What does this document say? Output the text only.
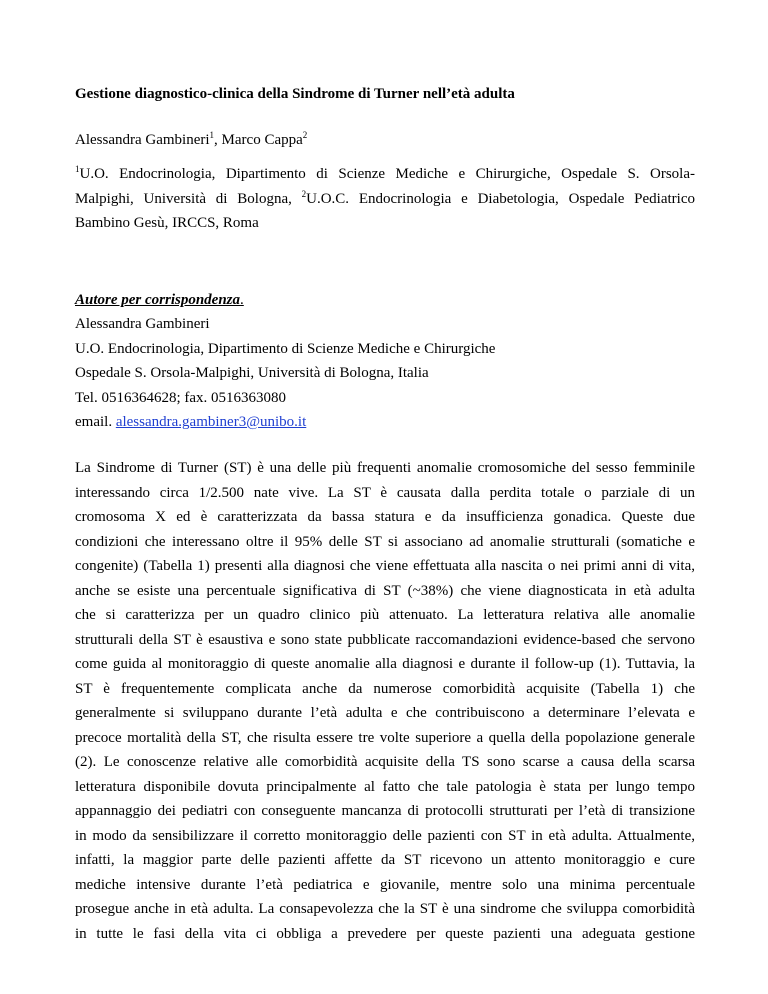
Gestione diagnostico-clinica della Sindrome di Turner nell’età adulta
Alessandra Gambineri$^1$, Marco Cappa$^2$
$^1$U.O. Endocrinologia, Dipartimento di Scienze Mediche e Chirurgiche, Ospedale S. Orsola-
Malpighi, Università di Bologna, $^2$U.O.C. Endocrinologia e Diabetologia, Ospedale Pediatrico
Bambino Gesù, IRCCS, Roma
Autore per corrispondenza.
Alessandra Gambineri
U.O. Endocrinologia, Dipartimento di Scienze Mediche e Chirurgiche
Ospedale S. Orsola-Malpighi, Università di Bologna, Italia
Tel. 0516364628; fax. 0516363080
email. alessandra.gambiner3@unibo.it
La Sindrome di Turner (ST) è una delle più frequenti anomalie cromosomiche del sesso femminile
interessando circa 1/2.500 nate vive. La ST è causata dalla perdita totale o parziale di un
cromosoma X ed è caratterizzata da bassa statura e da insufficienza gonadica. Queste due
condizioni che interessano oltre il 95% delle ST si associano ad anomalie strutturali (somatiche e
congenite) (Tabella 1) presenti alla diagnosi che viene effettuata alla nascita o nei primi anni di vita,
anche se esiste una percentuale significativa di ST (~38%) che viene diagnosticata in età adulta
che si caratterizza per un quadro clinico più attenuato. La letteratura relativa alle anomalie
strutturali della ST è esaustiva e sono state pubblicate raccomandazioni evidence-based che servono
come guida al monitoraggio di queste anomalie alla diagnosi e durante il follow-up (1). Tuttavia, la
ST è frequentemente complicata anche da numerose comorbidità acquisite (Tabella 1) che
generalmente si sviluppano durante l’età adulta e che contribuiscono a determinare l’elevata e
precoce mortalità della ST, che risulta essere tre volte superiore a quella della popolazione generale
(2). Le conoscenze relative alle comorbidità acquisite della TS sono scarse a causa della scarsa
letteratura disponibile dovuta principalmente al fatto che tale patologia è stata per lungo tempo
appannaggio dei pediatri con conseguente mancanza di protocolli strutturati per l’età di transizione
in modo da sensibilizzare il corretto monitoraggio delle pazienti con ST in età adulta. Attualmente,
infatti, la maggior parte delle pazienti affette da ST ricevono un attento monitoraggio e cure
mediche intensive durante l’età pediatrica e giovanile, mentre solo una minima percentuale
prosegue anche in età adulta. La consapevolezza che la ST è una sindrome che sviluppa comorbidità
in tutte le fasi della vita ci obbliga a prevedere per queste pazienti una adeguata gestione
